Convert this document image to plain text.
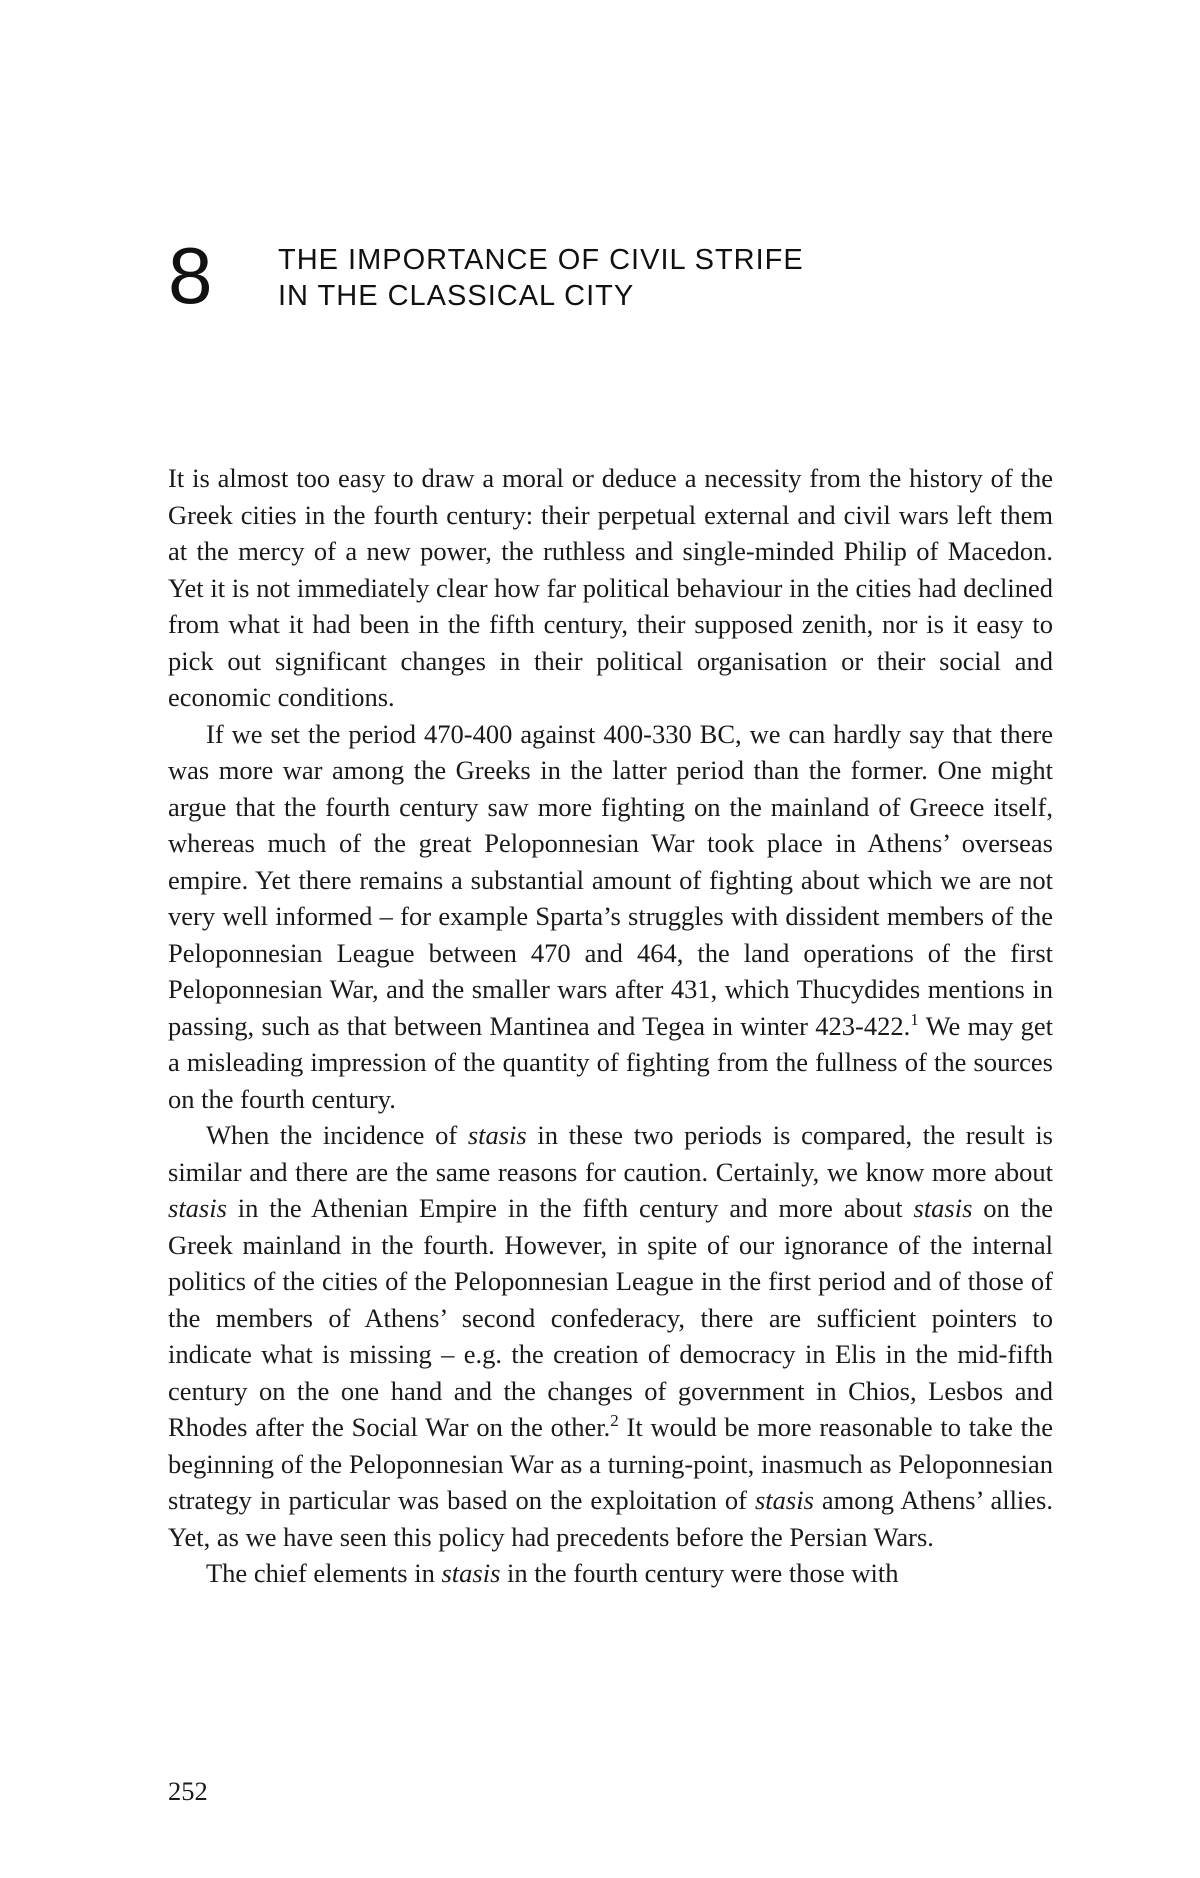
8 THE IMPORTANCE OF CIVIL STRIFE
IN THE CLASSICAL CITY

It is almost too easy to draw a moral or deduce a necessity from the history of the Greek cities in the fourth century: their perpetual external and civil wars left them at the mercy of a new power, the ruthless and single-minded Philip of Macedon. Yet it is not immediately clear how far political behaviour in the cities had declined from what it had been in the fifth century, their supposed zenith, nor is it easy to pick out significant changes in their political organisation or their social and economic conditions.

If we set the period 470-400 against 400-330 BC, we can hardly say that there was more war among the Greeks in the latter period than the former. One might argue that the fourth century saw more fighting on the mainland of Greece itself, whereas much of the great Peloponnesian War took place in Athens’ overseas empire. Yet there remains a substantial amount of fighting about which we are not very well informed – for example Sparta’s struggles with dissident members of the Peloponnesian League between 470 and 464, the land operations of the first Peloponnesian War, and the smaller wars after 431, which Thucydides mentions in passing, such as that between Mantinea and Tegea in winter 423-422.$^1$ We may get a misleading impression of the quantity of fighting from the fullness of the sources on the fourth century.

When the incidence of stasis in these two periods is compared, the result is similar and there are the same reasons for caution. Certainly, we know more about stasis in the Athenian Empire in the fifth century and more about stasis on the Greek mainland in the fourth. However, in spite of our ignorance of the internal politics of the cities of the Peloponnesian League in the first period and of those of the members of Athens’ second confederacy, there are sufficient pointers to indicate what is missing – e.g. the creation of democracy in Elis in the mid-fifth century on the one hand and the changes of government in Chios, Lesbos and Rhodes after the Social War on the other.$^2$ It would be more reasonable to take the beginning of the Peloponnesian War as a turning-point, inasmuch as Peloponnesian strategy in particular was based on the exploitation of stasis among Athens’ allies. Yet, as we have seen this policy had precedents before the Persian Wars.

The chief elements in stasis in the fourth century were those with

252
